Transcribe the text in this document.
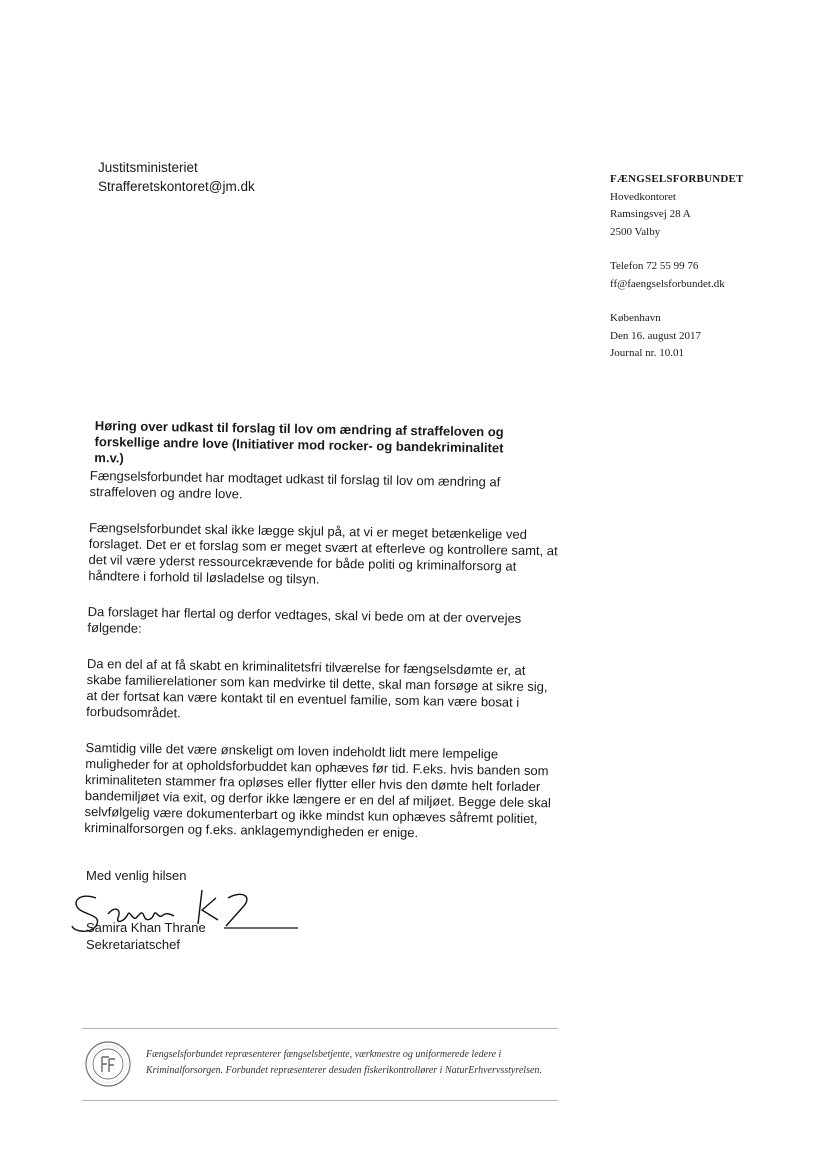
Justitsministeriet
Strafferetskontoret@jm.dk	FÆNGSELSFORBUNDET
Hovedkontoret
Ramsingsvej 28 A
2500 Valby
Telefon 72 55 99 76
ff@faengselsforbundet.dk
København
Den 16. august 2017
Journal nr. 10.01
Høring over udkast til forslag til lov om ændring af straffeloven og forskellige andre love (Initiativer mod rocker- og bandekriminalitet m.v.)

Fængselsforbundet har modtaget udkast til forslag til lov om ændring af straffeloven og andre love.

Fængselsforbundet skal ikke lægge skjul på, at vi er meget betænkelige ved forslaget. Det er et forslag som er meget svært at efterleve og kontrollere samt, at det vil være yderst ressourcekrævende for både politi og kriminalforsorg at håndtere i forhold til løsladelse og tilsyn.

Da forslaget har flertal og derfor vedtages, skal vi bede om at der overvejes følgende:

Da en del af at få skabt en kriminalitetsfri tilværelse for fængselsdømte er, at skabe familierelationer som kan medvirke til dette, skal man forsøge at sikre sig, at der fortsat kan være kontakt til en eventuel familie, som kan være bosat i forbudsområdet.

Samtidig ville det være ønskeligt om loven indeholdt lidt mere lempelige muligheder for at opholdsforbuddet kan ophæves før tid. F.eks. hvis banden som kriminaliteten stammer fra opløses eller flytter eller hvis den dømte helt forlader bandemiljøet via exit, og derfor ikke længere er en del af miljøet. Begge dele skal selvfølgelig være dokumenterbart og ikke mindst kun ophæves såfremt politiet, kriminalforsorgen og f.eks. anklagemyndigheden er enige.

Med venlig hilsen
Samira Khan Thrane
Sekretariatschef
Fængselsforbundet repræsenterer fængselsbetjente, værkmestre og uniformerede ledere i Kriminalforsorgen. Forbundet repræsenterer desuden fiskerikontrollører i NaturErhvervsstyrelsen.
